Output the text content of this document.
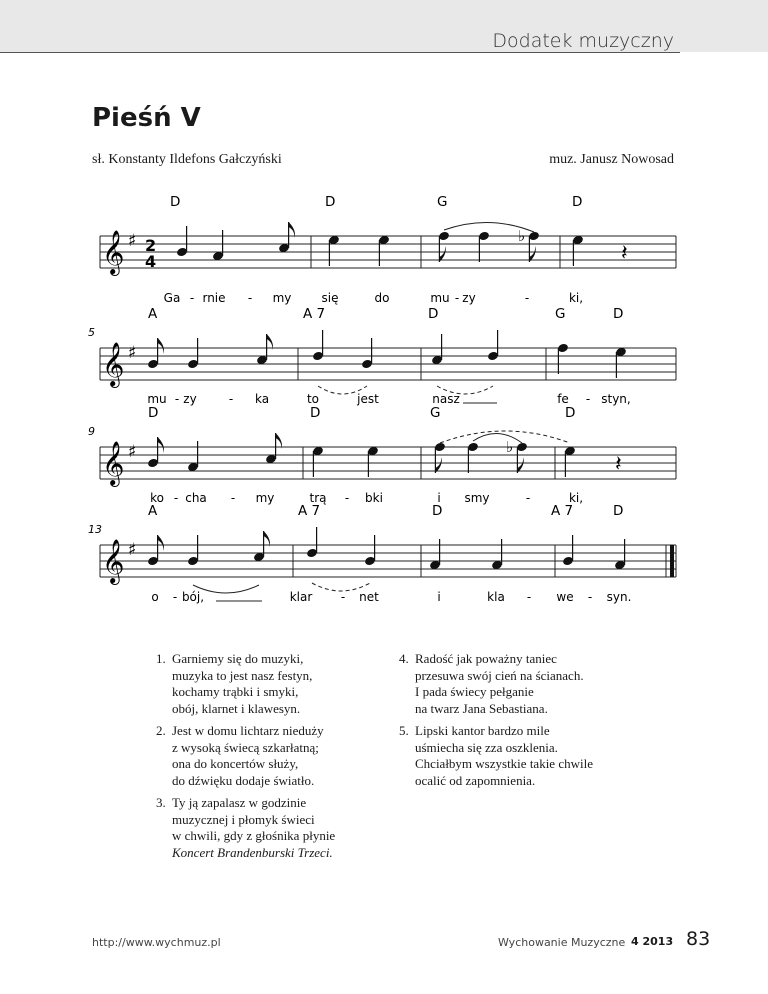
Dodatek muzyczny
Pieśń V
sł. Konstanty Ildefons Gałczyński	muz. Janusz Nowosad
𝄞 ♯ 2
4
D	D	G	D
♭
𝄽
Ga - rnie - my	się	do	mu - zy	-	ki,
𝄞 ♯
5
A	A 7	D	G	D
mu - zy	- ka	to	jest	nasz	fe - styn,
𝄞 ♯
9
D	D	G	D
♭
𝄽
ko - cha - my	trą - bki	i smy	-	ki,
𝄞 ♯
13
A	A 7	D	A 7	D
o - bój,	klar - net	i	kla - we - syn.
1. Garniemy się do muzyki,
muzyka to jest nasz festyn,
kochamy trąbki i smyki,
obój, klarnet i klawesyn.
2. Jest w domu lichtarz nieduży
z wysoką świecą szkarłatną;
ona do koncertów służy,
do dźwięku dodaje światło.
3. Ty ją zapalasz w godzinie
muzycznej i płomyk świeci
w chwili, gdy z głośnika płynie
Koncert Brandenburski Trzeci.
4. Radość jak poważny taniec
przesuwa swój cień na ścianach.
I pada świecy pełganie
na twarz Jana Sebastiana.
5. Lipski kantor bardzo mile
uśmiecha się zza oszklenia.
Chciałbym wszystkie takie chwile
ocalić od zapomnienia.
http://www.wychmuz.pl	Wychowanie Muzyczne 4 2013 83
